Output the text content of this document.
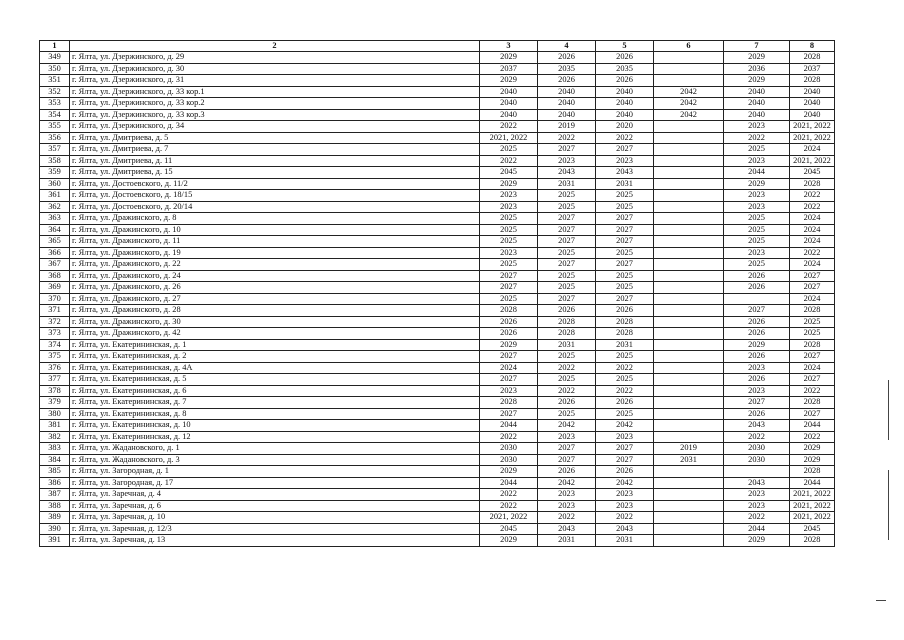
1	2	3	4	5	6	7	8
349	г. Ялта, ул. Дзержинского, д. 29	2029	2026	2026		2029	2028
350	г. Ялта, ул. Дзержинского, д. 30	2037	2035	2035		2036	2037
351	г. Ялта, ул. Дзержинского, д. 31	2029	2026	2026		2029	2028
352	г. Ялта, ул. Дзержинского, д. 33 кор.1	2040	2040	2040	2042	2040	2040
353	г. Ялта, ул. Дзержинского, д. 33 кор.2	2040	2040	2040	2042	2040	2040
354	г. Ялта, ул. Дзержинского, д. 33 кор.3	2040	2040	2040	2042	2040	2040
355	г. Ялта, ул. Дзержинского, д. 34	2022	2019	2020		2023	2021, 2022
356	г. Ялта, ул. Дмитриева, д. 5	2021, 2022	2022	2022		2022	2021, 2022
357	г. Ялта, ул. Дмитриева, д. 7	2025	2027	2027		2025	2024
358	г. Ялта, ул. Дмитриева, д. 11	2022	2023	2023		2023	2021, 2022
359	г. Ялта, ул. Дмитриева, д. 15	2045	2043	2043		2044	2045
360	г. Ялта, ул. Достоевского, д. 11/2	2029	2031	2031		2029	2028
361	г. Ялта, ул. Достоевского, д. 18/15	2023	2025	2025		2023	2022
362	г. Ялта, ул. Достоевского, д. 20/14	2023	2025	2025		2023	2022
363	г. Ялта, ул. Дражинского, д. 8	2025	2027	2027		2025	2024
364	г. Ялта, ул. Дражинского, д. 10	2025	2027	2027		2025	2024
365	г. Ялта, ул. Дражинского, д. 11	2025	2027	2027		2025	2024
366	г. Ялта, ул. Дражинского, д. 19	2023	2025	2025		2023	2022
367	г. Ялта, ул. Дражинского, д. 22	2025	2027	2027		2025	2024
368	г. Ялта, ул. Дражинского, д. 24	2027	2025	2025		2026	2027
369	г. Ялта, ул. Дражинского, д. 26	2027	2025	2025		2026	2027
370	г. Ялта, ул. Дражинского, д. 27	2025	2027	2027			2024
371	г. Ялта, ул. Дражинского, д. 28	2028	2026	2026		2027	2028
372	г. Ялта, ул. Дражинского, д. 30	2026	2028	2028		2026	2025
373	г. Ялта, ул. Дражинского, д. 42	2026	2028	2028		2026	2025
374	г. Ялта, ул. Екатерининская, д. 1	2029	2031	2031		2029	2028
375	г. Ялта, ул. Екатерининская, д. 2	2027	2025	2025		2026	2027
376	г. Ялта, ул. Екатерининская, д. 4А	2024	2022	2022		2023	2024
377	г. Ялта, ул. Екатерининская, д. 5	2027	2025	2025		2026	2027
378	г. Ялта, ул. Екатерининская, д. 6	2023	2022	2022		2023	2022
379	г. Ялта, ул. Екатерининская, д. 7	2028	2026	2026		2027	2028
380	г. Ялта, ул. Екатерининская, д. 8	2027	2025	2025		2026	2027
381	г. Ялта, ул. Екатерининская, д. 10	2044	2042	2042		2043	2044
382	г. Ялта, ул. Екатерининская, д. 12	2022	2023	2023		2022	2022
383	г. Ялта, ул. Жадановского, д. 1	2030	2027	2027	2019	2030	2029
384	г. Ялта, ул. Жадановского, д. 3	2030	2027	2027	2031	2030	2029
385	г. Ялта, ул. Загородная, д. 1	2029	2026	2026			2028
386	г. Ялта, ул. Загородная, д. 17	2044	2042	2042		2043	2044
387	г. Ялта, ул. Заречная, д. 4	2022	2023	2023		2023	2021, 2022
388	г. Ялта, ул. Заречная, д. 6	2022	2023	2023		2023	2021, 2022
389	г. Ялта, ул. Заречная, д. 10	2021, 2022	2022	2022		2022	2021, 2022
390	г. Ялта, ул. Заречная, д. 12/3	2045	2043	2043		2044	2045
391	г. Ялта, ул. Заречная, д. 13	2029	2031	2031		2029	2028
